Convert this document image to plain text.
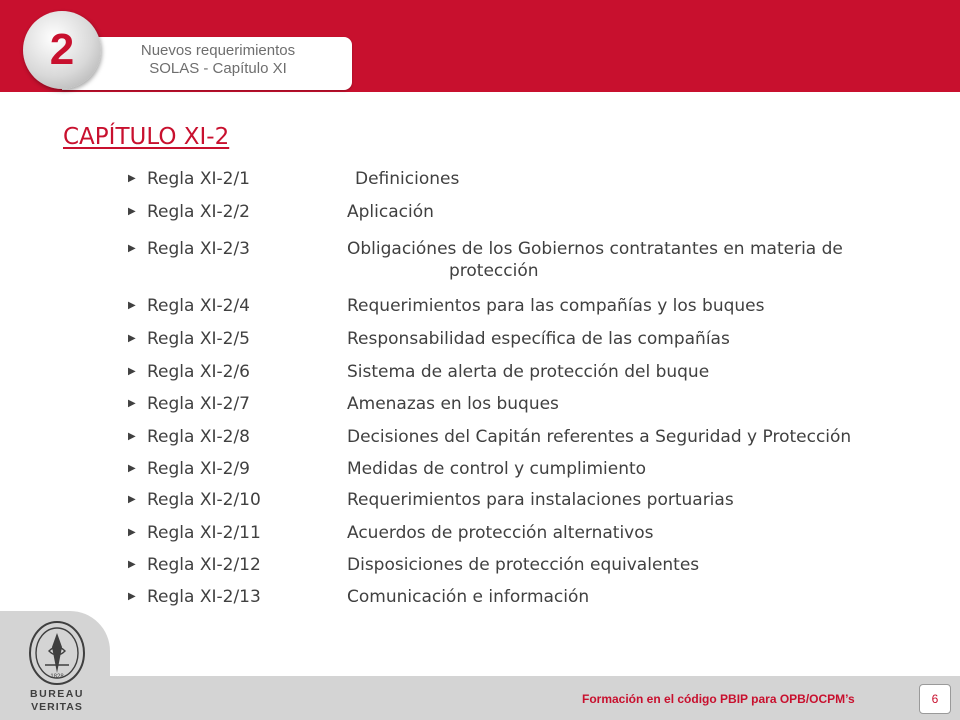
Nuevos requerimientos
SOLAS - Capítulo XI
2
CAPÍTULO XI-2
▶ Regla XI-2/1	Definiciones
▶ Regla XI-2/2	Aplicación
▶ Regla XI-2/3	Obligaciónes de los Gobiernos contratantes en materia de
protección
▶ Regla XI-2/4	Requerimientos para las compañías y los buques
▶ Regla XI-2/5	Responsabilidad específica de las compañías
▶ Regla XI-2/6	Sistema de alerta de protección del buque
▶ Regla XI-2/7	Amenazas en los buques
▶ Regla XI-2/8	Decisiones del Capitán referentes a Seguridad y Protección
▶ Regla XI-2/9	Medidas de control y cumplimiento
▶ Regla XI-2/10	Requerimientos para instalaciones portuarias
▶ Regla XI-2/11	Acuerdos de protección alternativos
▶ Regla XI-2/12	Disposiciones de protección equivalentes
▶ Regla XI-2/13	Comunicación e información
1828
BUREAU
VERITAS
Formación en el código PBIP para OPB/OCPM’s	6
